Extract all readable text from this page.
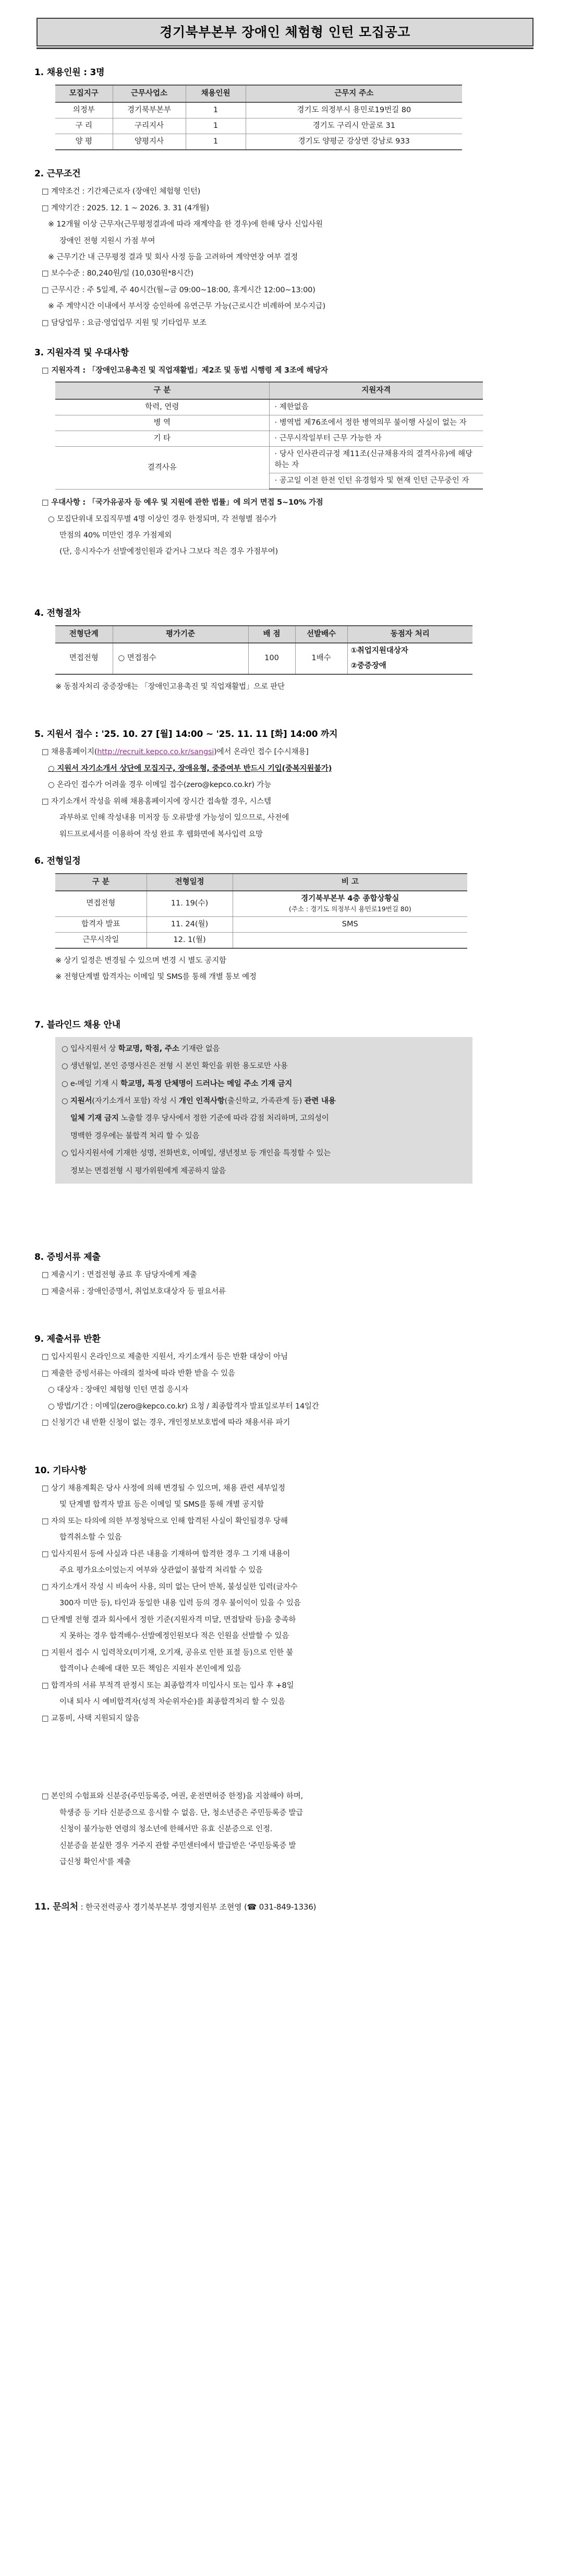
경기북부본부 장애인 체험형 인턴 모집공고
1. 채용인원 : 3명
모집지구	근무사업소	채용인원	근무지 주소
의정부	경기북부본부	1	경기도 의정부시 용민로19번길 80
구 리	구리지사	1	경기도 구리시 안골로 31
양 평	양평지사	1	경기도 양평군 강상면 강남로 933
2. 근무조건
□ 계약조건 : 기간제근로자 (장애인 체험형 인턴)
□ 계약기간 : 2025. 12. 1 ~ 2026. 3. 31 (4개월)
※ 12개월 이상 근무자(근무평정결과에 따라 재계약을 한 경우)에 한해 당사 신입사원
장애인 전형 지원시 가점 부여
※ 근무기간 내 근무평정 결과 및 회사 사정 등을 고려하여 계약연장 여부 결정
□ 보수수준 : 80,240원/일 (10,030원*8시간)
□ 근무시간 : 주 5일제, 주 40시간(월~금 09:00~18:00, 휴게시간 12:00~13:00)
※ 주 계약시간 이내에서 부서장 승인하에 유연근무 가능(근로시간 비례하여 보수지급)
□ 담당업무 : 요금·영업업무 지원 및 기타업무 보조
3. 지원자격 및 우대사항
□ 지원자격 : 「장애인고용촉진 및 직업재활법」제2조 및 동법 시행령 제 3조에 해당자
구 분	지원자격
학력, 연령	· 제한없음
병 역	· 병역법 제76조에서 정한 병역의무 불이행 사실이 없는 자
기 타	· 근무시작일부터 근무 가능한 자
결격사유	· 당사 인사관리규정 제11조(신규채용자의 결격사유)에 해당하는 자
	· 공고일 이전 한전 인턴 유경험자 및 현재 인턴 근무중인 자
□ 우대사항 : 「국가유공자 등 예우 및 지원에 관한 법률」에 의거 면접 5~10% 가점
○ 모집단위내 모집직무별 4명 이상인 경우 한정되며, 각 전형별 점수가
만점의 40% 미만인 경우 가점제외
(단, 응시자수가 선발예정인원과 같거나 그보다 적은 경우 가점부여)
4. 전형절차
전형단계	평가기준	배 점	선발배수	동점자 처리
면접전형	○ 면접점수	100	1배수	①취업지원대상자
②중증장애
※ 동점자처리 중증장애는 「장애인고용촉진 및 직업재활법」으로 판단
5. 지원서 접수 : '25. 10. 27 [월] 14:00 ~ '25. 11. 11 [화] 14:00 까지
□ 채용홈페이지(http://recruit.kepco.co.kr/sangsi)에서 온라인 접수 [수시채용]
○ 지원서 자기소개서 상단에 모집지구, 장애유형, 중증여부 반드시 기입(중복지원불가)
○ 온라인 접수가 어려울 경우 이메일 접수(zero@kepco.co.kr) 가능
□ 자기소개서 작성을 위해 채용홈페이지에 장시간 접속할 경우, 시스템
과부하로 인해 작성내용 미저장 등 오류발생 가능성이 있으므로, 사전에
워드프로세서를 이용하여 작성 완료 후 웹화면에 복사입력 요망
6. 전형일정
구 분	전형일정	비 고
면접전형	11. 19(수)	경기북부본부 4층 종합상황실
(주소 : 경기도 의정부시 용민로19번길 80)

합격자 발표	11. 24(월)	SMS
근무시작일	12. 1(월)	
※ 상기 일정은 변경될 수 있으며 변경 시 별도 공지함
※ 전형단계별 합격자는 이메일 및 SMS를 통해 개별 통보 예정
7. 블라인드 채용 안내
○ 입사지원서 상 학교명, 학점, 주소 기재란 없음
○ 생년월일, 본인 증명사진은 전형 시 본인 확인을 위한 용도로만 사용
○ e-메일 기재 시 학교명, 특정 단체명이 드러나는 메일 주소 기재 금지
○ 지원서(자기소개서 포함) 작성 시 개인 인적사항(출신학교, 가족관계 등) 관련 내용
일체 기재 금지 노출할 경우 당사에서 정한 기준에 따라 감점 처리하며, 고의성이
명백한 경우에는 불합격 처리 할 수 있음
○ 입사지원서에 기재한 성명, 전화번호, 이메일, 생년정보 등 개인을 특정할 수 있는
정보는 면접전형 시 평가위원에게 제공하지 않음
8. 증빙서류 제출
□ 제출시기 : 면접전형 종료 후 담당자에게 제출
□ 제출서류 : 장애인증명서, 취업보호대상자 등 필요서류
9. 제출서류 반환
□ 입사지원시 온라인으로 제출한 지원서, 자기소개서 등은 반환 대상이 아님
□ 제출한 증빙서류는 아래의 절차에 따라 반환 받을 수 있음
○ 대상자 : 장애인 체험형 인턴 면접 응시자
○ 방법/기간 : 이메일(zero@kepco.co.kr) 요청 / 최종합격자 발표일로부터 14일간
□ 신청기간 내 반환 신청이 없는 경우, 개인정보보호법에 따라 채용서류 파기
10. 기타사항
□ 상기 채용계획은 당사 사정에 의해 변경될 수 있으며, 채용 관련 세부일정
및 단계별 합격자 발표 등은 이메일 및 SMS를 통해 개별 공지함
□ 자의 또는 타의에 의한 부정청탁으로 인해 합격된 사실이 확인될경우 당해
합격취소할 수 있음
□ 입사지원서 등에 사실과 다른 내용을 기재하여 합격한 경우 그 기재 내용이
주요 평가요소이었는지 여부와 상관없이 불합격 처리할 수 있음
□ 자기소개서 작성 시 비속어 사용, 의미 없는 단어 반복, 불성실한 입력(글자수
300자 미만 등), 타인과 동일한 내용 입력 등의 경우 불이익이 있을 수 있음
□ 단계별 전형 결과 회사에서 정한 기준(지원자격 미달, 면접탈락 등)을 충족하
지 못하는 경우 합격배수·선발예정인원보다 적은 인원을 선발할 수 있음
□ 지원서 접수 시 입력착오(미기재, 오기재, 공유로 인한 표절 등)으로 인한 불
합격이나 손해에 대한 모든 책임은 지원자 본인에게 있음
□ 합격자의 서류 부적격 판정시 또는 최종합격자 미입사시 또는 입사 후 +8일
이내 퇴사 시 예비합격자(성적 차순위자순)를 최종합격처리 할 수 있음
□ 교통비, 사택 지원되지 않음
□ 본인의 수험표와 신분증(주민등록증, 여권, 운전면허증 한정)을 지참해야 하며,
학생증 등 기타 신분증으로 응시할 수 없음. 단, 청소년증은 주민등록증 발급
신청이 불가능한 연령의 청소년에 한해서만 유효 신분증으로 인정.
신분증을 분실한 경우 거주지 관할 주민센터에서 발급받은 '주민등록증 발
급신청 확인서'를 제출
11. 문의처 : 한국전력공사 경기북부본부 경영지원부 조현영 (☎ 031-849-1336)
